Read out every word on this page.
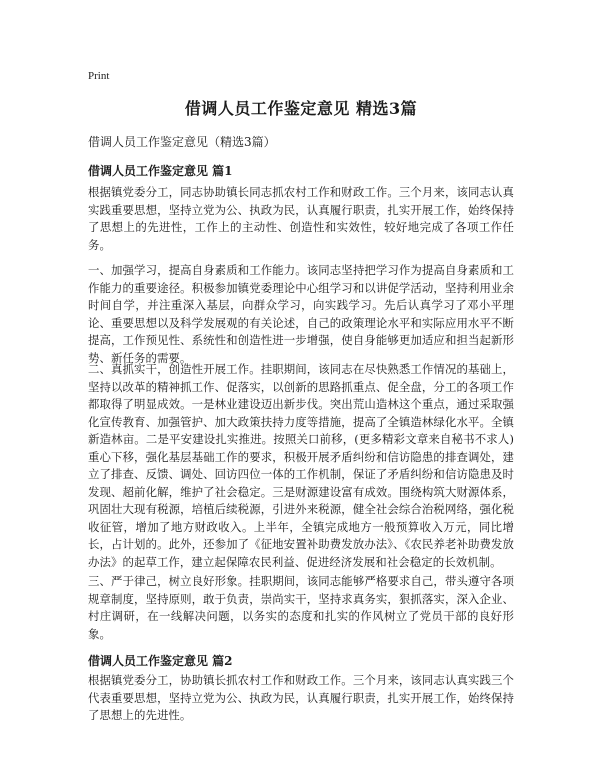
Print
借调人员工作鉴定意见 精选3篇

借调人员工作鉴定意见（精选3篇）

借调人员工作鉴定意见 篇1

根据镇党委分工，同志协助镇长同志抓农村工作和财政工作。三个月来，该同志认真实践重要思想，坚持立党为公、执政为民，认真履行职责，扎实开展工作，始终保持了思想上的先进性，工作上的主动性、创造性和实效性，较好地完成了各项工作任务。

一、加强学习，提高自身素质和工作能力。该同志坚持把学习作为提高自身素质和工作能力的重要途径。积极参加镇党委理论中心组学习和以讲促学活动，坚持利用业余时间自学，并注重深入基层，向群众学习，向实践学习。先后认真学习了邓小平理论、重要思想以及科学发展观的有关论述，自己的政策理论水平和实际应用水平不断提高，工作预见性、系统性和创造性进一步增强，使自身能够更加适应和担当起新形势、新任务的需要。

二、真抓实干，创造性开展工作。挂职期间，该同志在尽快熟悉工作情况的基础上，坚持以改革的精神抓工作、促落实，以创新的思路抓重点、促全盘，分工的各项工作都取得了明显成效。一是林业建设迈出新步伐。突出荒山造林这个重点，通过采取强化宣传教育、加强管护、加大政策扶持力度等措施，提高了全镇造林绿化水平。全镇新造林亩。二是平安建设扎实推进。按照关口前移，(更多精彩文章来自秘书不求人)重心下移，强化基层基础工作的要求，积极开展矛盾纠纷和信访隐患的排查调处，建立了排查、反馈、调处、回访四位一体的工作机制，保证了矛盾纠纷和信访隐患及时发现、超前化解，维护了社会稳定。三是财源建设富有成效。围绕构筑大财源体系，巩固壮大现有税源，培植后续税源，引进外来税源，健全社会综合治税网络，强化税收征管，增加了地方财政收入。上半年，全镇完成地方一般预算收入万元，同比增长，占计划的。此外，还参加了《征地安置补助费发放办法》、《农民养老补助费发放办法》的起草工作，建立起保障农民利益、促进经济发展和社会稳定的长效机制。

三、严于律己，树立良好形象。挂职期间，该同志能够严格要求自己，带头遵守各项规章制度，坚持原则，敢于负责，崇尚实干，坚持求真务实，狠抓落实，深入企业、村庄调研，在一线解决问题，以务实的态度和扎实的作风树立了党员干部的良好形象。

借调人员工作鉴定意见 篇2

根据镇党委分工，协助镇长抓农村工作和财政工作。三个月来，该同志认真实践三个代表重要思想，坚持立党为公、执政为民，认真履行职责，扎实开展工作，始终保持了思想上的先进性。
